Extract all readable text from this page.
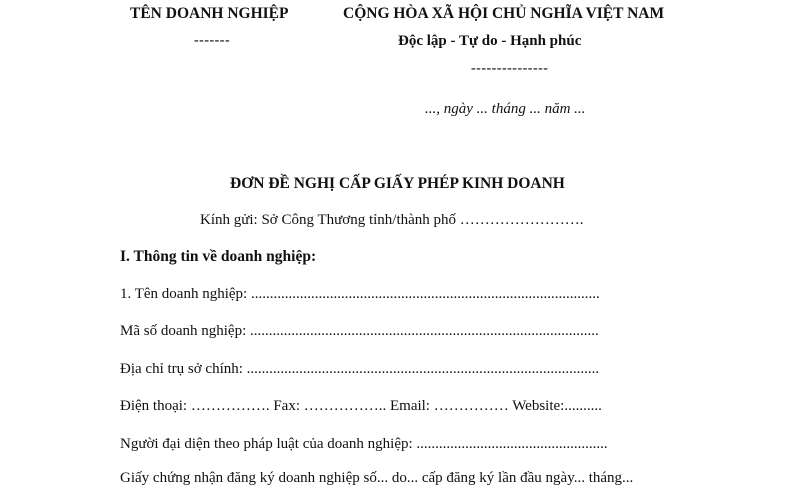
TÊN DOANH NGHIỆP

-------

CỘNG HÒA XÃ HỘI CHỦ NGHĨA VIỆT NAM

Độc lập - Tự do - Hạnh phúc

---------------

..., ngày ... tháng ... năm ...

ĐƠN ĐỀ NGHỊ CẤP GIẤY PHÉP KINH DOANH

Kính gửi: Sở Công Thương tỉnh/thành phố …………………….

I. Thông tin về doanh nghiệp:

1. Tên doanh nghiệp: .............................................................................................

Mã số doanh nghiệp: .............................................................................................

Địa chỉ trụ sở chính: ..............................................................................................

Điện thoại: ……………. Fax: …………….. Email: …………… Website:..........

Người đại diện theo pháp luật của doanh nghiệp: ...................................................

Giấy chứng nhận đăng ký doanh nghiệp số... do... cấp đăng ký lần đầu ngày... tháng...
